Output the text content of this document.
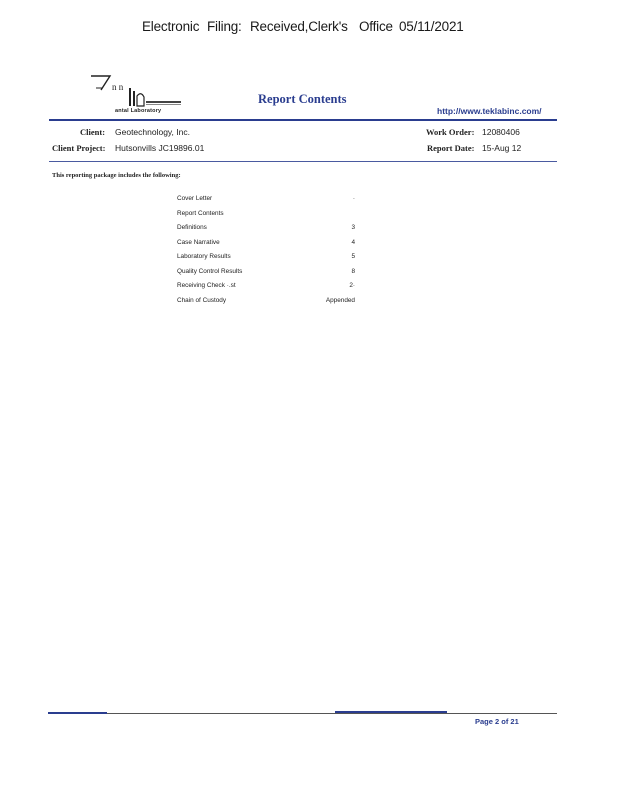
Electronic Filing: Received,Clerk's Office 05/11/2021
n n
antal Laboratory
Report Contents
http://www.teklabinc.com/
Client: Geotechnology, Inc.
Client Project: Hutsonvills JC19896.01
Work Order: 12080406
Report Date: 15-Aug 12
This reporting package includes the following:
Cover Letter	·
Report Contents
Definitions	3
Case Narrative	4
Laboratory Results	5
Quality Control Results	8
Receiving Check ·.st	2·
Chain of Custody	Appended
Page 2 of 21
